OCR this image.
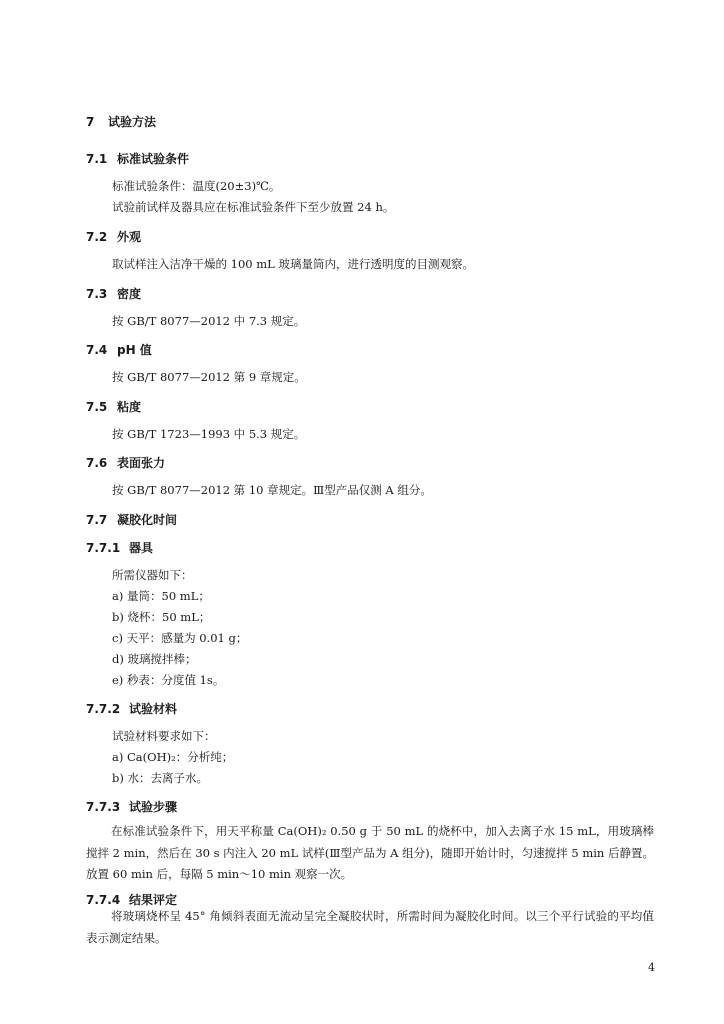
7 试验方法
7.1 标准试验条件
标准试验条件：温度(20±3)℃。
试验前试样及器具应在标准试验条件下至少放置 24 h。
7.2 外观
取试样注入洁净干燥的 100 mL 玻璃量筒内，进行透明度的目测观察。
7.3 密度
按 GB/T 8077—2012 中 7.3 规定。
7.4 pH 值
按 GB/T 8077—2012 第 9 章规定。
7.5 粘度
按 GB/T 1723—1993 中 5.3 规定。
7.6 表面张力
按 GB/T 8077—2012 第 10 章规定。Ⅲ型产品仅测 A 组分。
7.7 凝胶化时间
7.7.1 器具
所需仪器如下：
a) 量筒：50 mL；
b) 烧杯：50 mL；
c) 天平：感量为 0.01 g；
d) 玻璃搅拌棒；
e) 秒表：分度值 1s。
7.7.2 试验材料
试验材料要求如下：
a) Ca(OH)₂：分析纯；
b) 水：去离子水。
7.7.3 试验步骤
在标准试验条件下，用天平称量 Ca(OH)₂ 0.50 g 于 50 mL 的烧杯中，加入去离子水 15 mL，用玻璃棒搅拌 2 min，然后在 30 s 内注入 20 mL 试样(Ⅲ型产品为 A 组分)，随即开始计时，匀速搅拌 5 min 后静置。放置 60 min 后，每隔 5 min～10 min 观察一次。
7.7.4 结果评定
将玻璃烧杯呈 45° 角倾斜表面无流动呈完全凝胶状时，所需时间为凝胶化时间。以三个平行试验的平均值表示测定结果。
4
